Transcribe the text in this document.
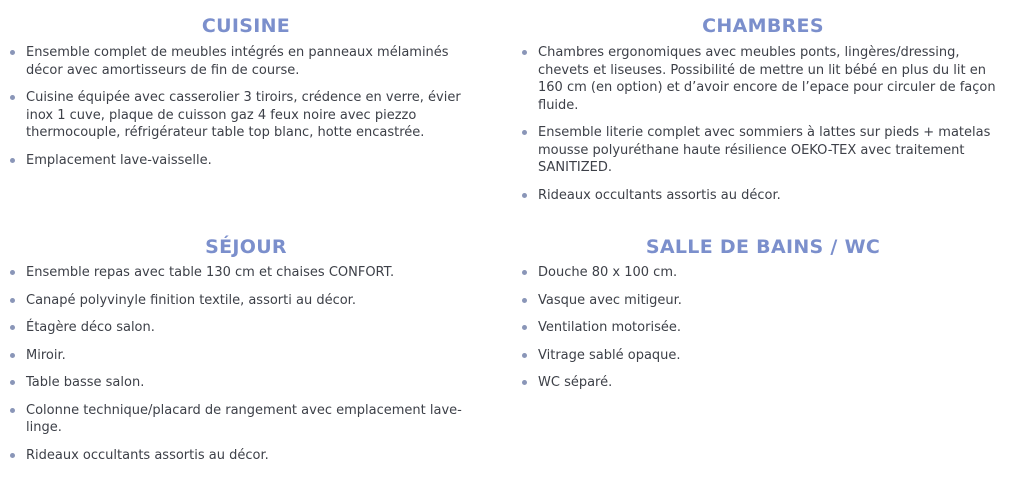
CUISINE
Ensemble complet de meubles intégrés en panneaux mélaminés décor avec amortisseurs de fin de course.
Cuisine équipée avec casserolier 3 tiroirs, crédence en verre, évier inox 1 cuve, plaque de cuisson gaz 4 feux noire avec piezzo thermocouple, réfrigérateur table top blanc, hotte encastrée.
Emplacement lave-vaisselle.
CHAMBRES
Chambres ergonomiques avec meubles ponts, lingères/dressing, chevets et liseuses. Possibilité de mettre un lit bébé en plus du lit en 160 cm (en option) et d’avoir encore de l’epace pour circuler de façon fluide.
Ensemble literie complet avec sommiers à lattes sur pieds + matelas mousse polyuréthane haute résilience OEKO-TEX avec traitement SANITIZED.
Rideaux occultants assortis au décor.
SÉJOUR
Ensemble repas avec table 130 cm et chaises CONFORT.
Canapé polyvinyle finition textile, assorti au décor.
Étagère déco salon.
Miroir.
Table basse salon.
Colonne technique/placard de rangement avec emplacement lave-linge.
Rideaux occultants assortis au décor.
SALLE DE BAINS / WC
Douche 80 x 100 cm.
Vasque avec mitigeur.
Ventilation motorisée.
Vitrage sablé opaque.
WC séparé.
